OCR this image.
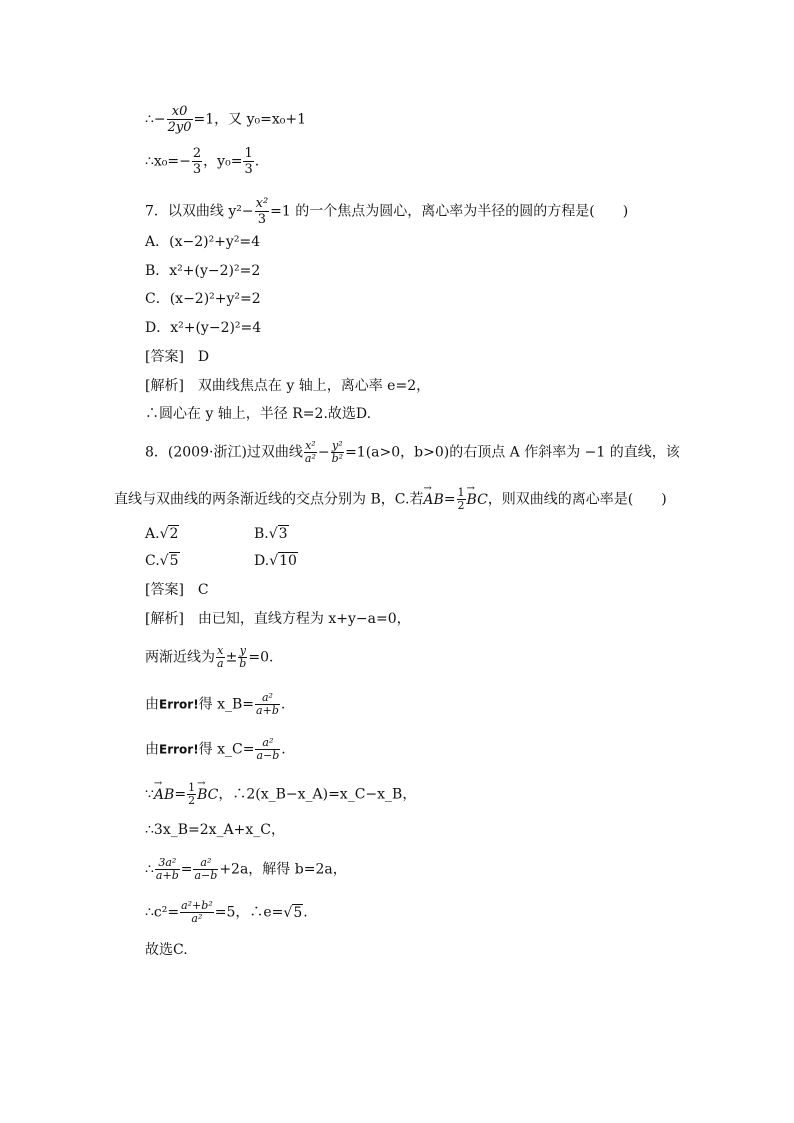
∴− $\frac{x0}{2y0} =1$，又 y₀=x₀+1
∴x₀=− $\frac{2}{3}$ ，$y_0= \frac{1}{3}$ .
7．以双曲线 $y^2- \frac{\text{x²}}{3} =1$ 的一个焦点为圆心，离心率为半径的圆的方程是(　　)
A．(x−2)²+y²=4
B．x²+(y−2)²=2
C．(x−2)²+y²=2
D．x²+(y−2)²=4
[答案]　D
[解析]　双曲线焦点在 y 轴上，离心率 e=2，
∴圆心在 y 轴上，半径 R=2.故选D.
8．(2009·浙江)过双曲线 $\frac{\text{x²}}{\text{a²}} - \frac{\text{y²}}{\text{b²}} =1(a>0$，b>0)的右顶点 A 作斜率为 −1 的直线，该
直线与双曲线的两条渐近线的交点分别为 B，C.若→ $AB= \frac{1}{2}$ → BC，则双曲线的离心率是(　　)
A.√2	B.√3
C.√5	D.√10
[答案]　C
[解析]　由已知，直线方程为 x+y−a=0，
两渐近线为 $\frac{x}{a} \pm \frac{y}{b} =0$.
由Error!得 x_B= $\frac{\text{a²}}{a+b}$ .
由Error!得 x_C= $\frac{\text{a²}}{a-b}$ .
∵→ $AB= \frac{1}{2}$ → BC，∴2(x_B−x_A)=x_C−x_B，
∴3x_B=2x_A+x_C，
∴ $\frac{\text{3a²}}{a+b} = \frac{\text{a²}}{a-b} +2a$，解得 b=2a，
∴c²= $\frac{\text{a²+b²}}{\text{a²}} =5$，∴e=√5.
故选C.
